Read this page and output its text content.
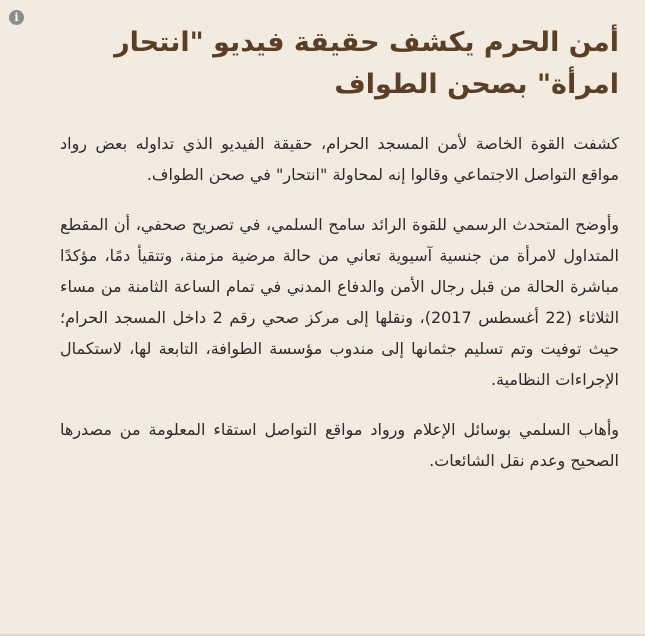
i
أمن الحرم يكشف حقيقة فيديو "انتحار امرأة" بصحن الطواف

كشفت القوة الخاصة لأمن المسجد الحرام، حقيقة الفيديو الذي تداوله بعض رواد مواقع التواصل الاجتماعي وقالوا إنه لمحاولة "انتحار" في صحن الطواف.

وأوضح المتحدث الرسمي للقوة الرائد سامح السلمي، في تصريح صحفي، أن المقطع المتداول لامرأة من جنسية آسيوية تعاني من حالة مرضية مزمنة، وتتقيأ دمًا، مؤكدًا مباشرة الحالة من قبل رجال الأمن والدفاع المدني في تمام الساعة الثامنة من مساء الثلاثاء (22 أغسطس 2017)، ونقلها إلى مركز صحي رقم 2 داخل المسجد الحرام؛ حيث توفيت وتم تسليم جثمانها إلى مندوب مؤسسة الطوافة، التابعة لها، لاستكمال الإجراءات النظامية.

وأهاب السلمي بوسائل الإعلام ورواد مواقع التواصل استقاء المعلومة من مصدرها الصحيح وعدم نقل الشائعات.
